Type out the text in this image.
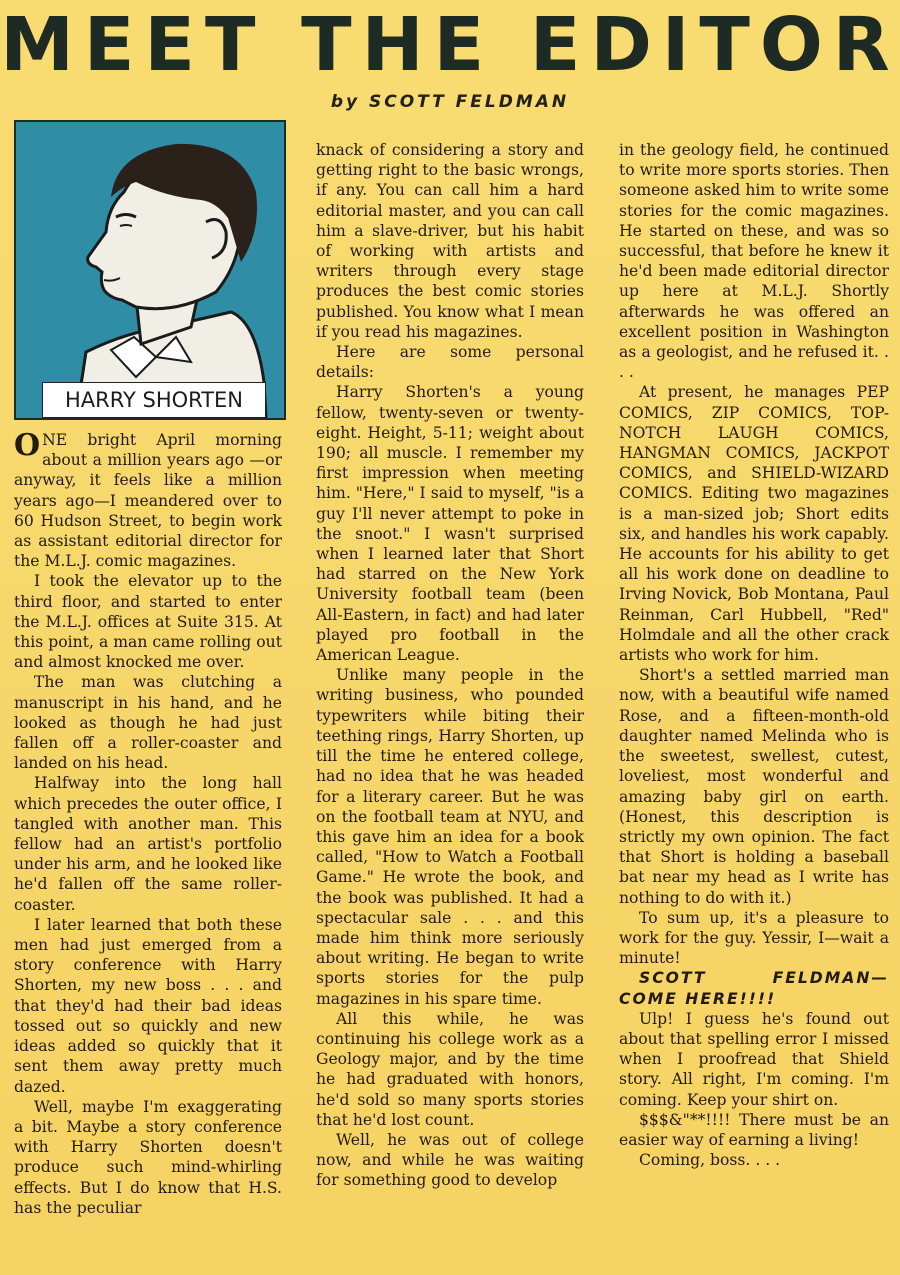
MEET THE EDITOR
by SCOTT FELDMAN
HARRY SHORTEN

ONE bright April morning about a million years ago —or anyway, it feels like a million years ago—I meandered over to 60 Hudson Street, to begin work as assistant editorial director for the M.L.J. comic magazines.

I took the elevator up to the third floor, and started to enter the M.L.J. offices at Suite 315. At this point, a man came rolling out and almost knocked me over.

The man was clutching a manuscript in his hand, and he looked as though he had just fallen off a roller-coaster and landed on his head.

Halfway into the long hall which precedes the outer office, I tangled with another man. This fellow had an artist's portfolio under his arm, and he looked like he'd fallen off the same roller-coaster.

I later learned that both these men had just emerged from a story conference with Harry Shorten, my new boss . . . and that they'd had their bad ideas tossed out so quickly and new ideas added so quickly that it sent them away pretty much dazed.

Well, maybe I'm exaggerating a bit. Maybe a story conference with Harry Shorten doesn't produce such mind-whirling effects. But I do know that H.S. has the peculiar

knack of considering a story and getting right to the basic wrongs, if any. You can call him a hard editorial master, and you can call him a slave-driver, but his habit of working with artists and writers through every stage produces the best comic stories published. You know what I mean if you read his magazines.

Here are some personal details:

Harry Shorten's a young fellow, twenty-seven or twenty-eight. Height, 5-11; weight about 190; all muscle. I remember my first impression when meeting him. "Here," I said to myself, "is a guy I'll never attempt to poke in the snoot." I wasn't surprised when I learned later that Short had starred on the New York University football team (been All-Eastern, in fact) and had later played pro football in the American League.

Unlike many people in the writing business, who pounded typewriters while biting their teething rings, Harry Shorten, up till the time he entered college, had no idea that he was headed for a literary career. But he was on the football team at NYU, and this gave him an idea for a book called, "How to Watch a Football Game." He wrote the book, and the book was published. It had a spectacular sale . . . and this made him think more seriously about writing. He began to write sports stories for the pulp magazines in his spare time.

All this while, he was continuing his college work as a Geology major, and by the time he had graduated with honors, he'd sold so many sports stories that he'd lost count.

Well, he was out of college now, and while he was waiting for something good to develop

in the geology field, he continued to write more sports stories. Then someone asked him to write some stories for the comic magazines. He started on these, and was so successful, that before he knew it he'd been made editorial director up here at M.L.J. Shortly afterwards he was offered an excellent position in Washington as a geologist, and he refused it. . . .

At present, he manages PEP COMICS, ZIP COMICS, TOP-NOTCH LAUGH COMICS, HANGMAN COMICS, JACKPOT COMICS, and SHIELD-WIZARD COMICS. Editing two magazines is a man-sized job; Short edits six, and handles his work capably. He accounts for his ability to get all his work done on deadline to Irving Novick, Bob Montana, Paul Reinman, Carl Hubbell, "Red" Holmdale and all the other crack artists who work for him.

Short's a settled married man now, with a beautiful wife named Rose, and a fifteen-month-old daughter named Melinda who is the sweetest, swellest, cutest, loveliest, most wonderful and amazing baby girl on earth. (Honest, this description is strictly my own opinion. The fact that Short is holding a baseball bat near my head as I write has nothing to do with it.)

To sum up, it's a pleasure to work for the guy. Yessir, I—wait a minute!

SCOTT FELDMAN— COME HERE!!!!

Ulp! I guess he's found out about that spelling error I missed when I proofread that Shield story. All right, I'm coming. I'm coming. Keep your shirt on.

$$$&"**!!!! There must be an easier way of earning a living!

Coming, boss. . . .
